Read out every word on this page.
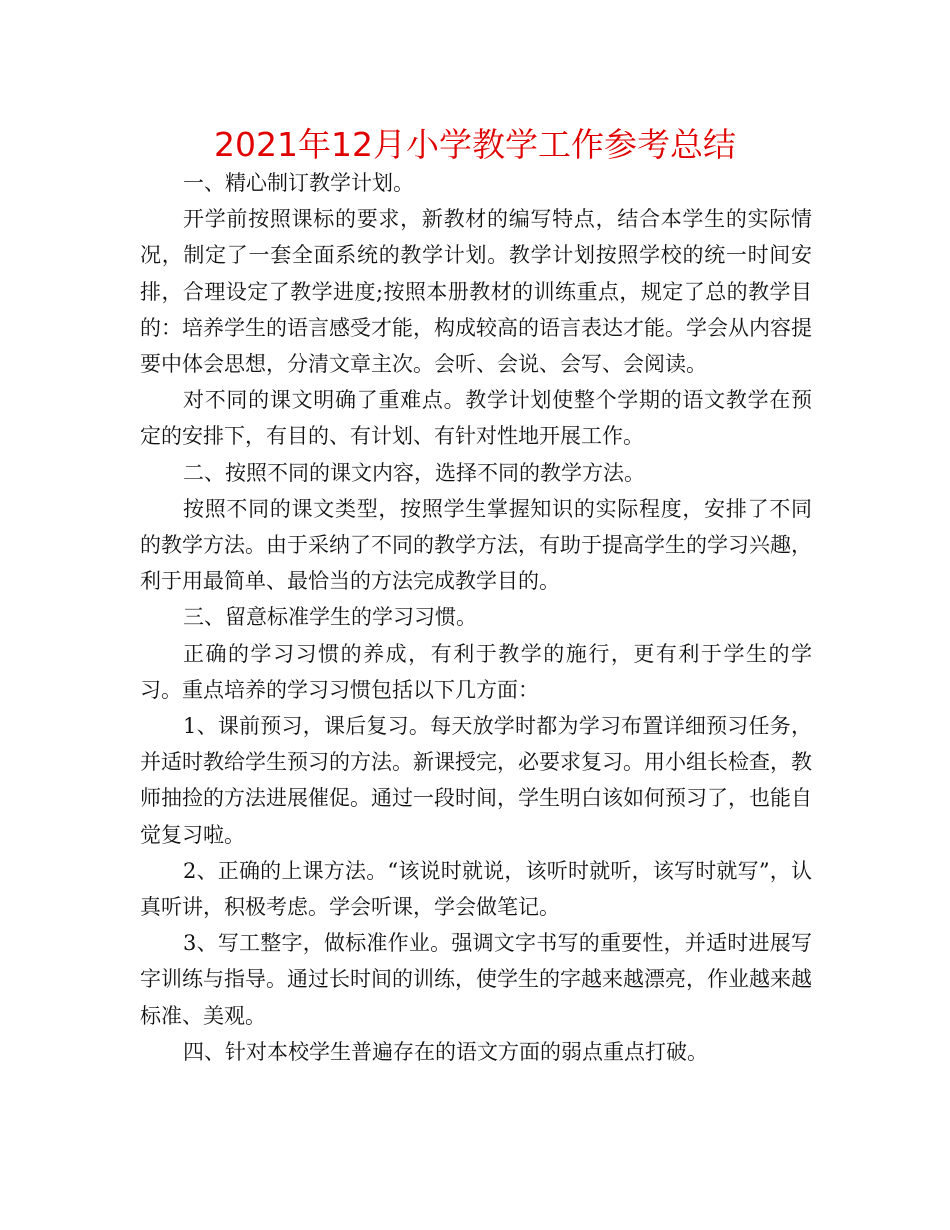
2021年12月小学教学工作参考总结

一、精心制订教学计划。

开学前按照课标的要求，新教材的编写特点，结合本学生的实际情况，制定了一套全面系统的教学计划。教学计划按照学校的统一时间安排，合理设定了教学进度;按照本册教材的训练重点，规定了总的教学目的：培养学生的语言感受才能，构成较高的语言表达才能。学会从内容提要中体会思想，分清文章主次。会听、会说、会写、会阅读。

对不同的课文明确了重难点。教学计划使整个学期的语文教学在预定的安排下，有目的、有计划、有针对性地开展工作。

二、按照不同的课文内容，选择不同的教学方法。

按照不同的课文类型，按照学生掌握知识的实际程度，安排了不同的教学方法。由于采纳了不同的教学方法，有助于提高学生的学习兴趣，利于用最简单、最恰当的方法完成教学目的。

三、留意标准学生的学习习惯。

正确的学习习惯的养成，有利于教学的施行，更有利于学生的学习。重点培养的学习习惯包括以下几方面：

1、课前预习，课后复习。每天放学时都为学习布置详细预习任务，并适时教给学生预习的方法。新课授完，必要求复习。用小组长检查，教师抽捡的方法进展催促。通过一段时间，学生明白该如何预习了，也能自觉复习啦。

2、正确的上课方法。“该说时就说，该听时就听，该写时就写”，认真听讲，积极考虑。学会听课，学会做笔记。

3、写工整字，做标准作业。强调文字书写的重要性，并适时进展写字训练与指导。通过长时间的训练，使学生的字越来越漂亮，作业越来越标准、美观。

四、针对本校学生普遍存在的语文方面的弱点重点打破。
